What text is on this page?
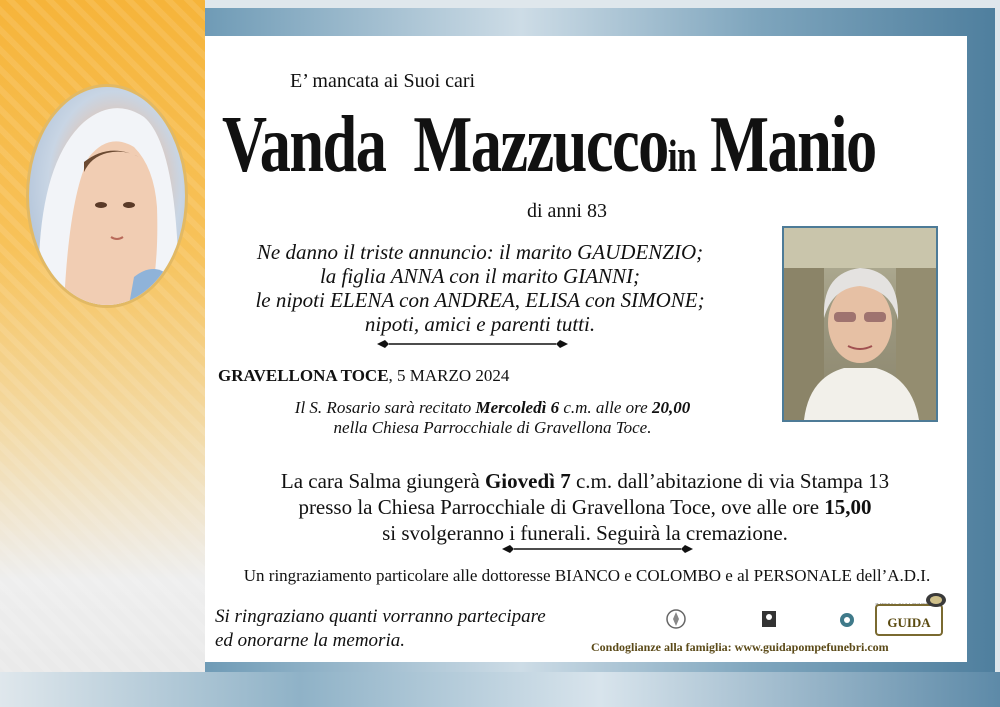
E’ mancata ai Suoi cari
Vanda Mazzuccoin Manio
di anni 83
Ne danno il triste annuncio: il marito GAUDENZIO;
la figlia ANNA con il marito GIANNI;
le nipoti ELENA con ANDREA, ELISA con SIMONE;
nipoti, amici e parenti tutti.
GRAVELLONA TOCE, 5 MARZO 2024
Il S. Rosario sarà recitato Mercoledì 6 c.m. alle ore 20,00
nella Chiesa Parrocchiale di Gravellona Toce.
La cara Salma giungerà Giovedì 7 c.m. dall’abitazione di via Stampa 13
presso la Chiesa Parrocchiale di Gravellona Toce, ove alle ore 15,00
si svolgeranno i funerali. Seguirà la cremazione.
Un ringraziamento particolare alle dottoresse BIANCO e COLOMBO e al PERSONALE dell’A.D.I.
Si ringraziano quanti vorranno partecipare
ed onorarne la memoria.
GUIDA
Condoglianze alla famiglia: www.guidapompefunebri.com
